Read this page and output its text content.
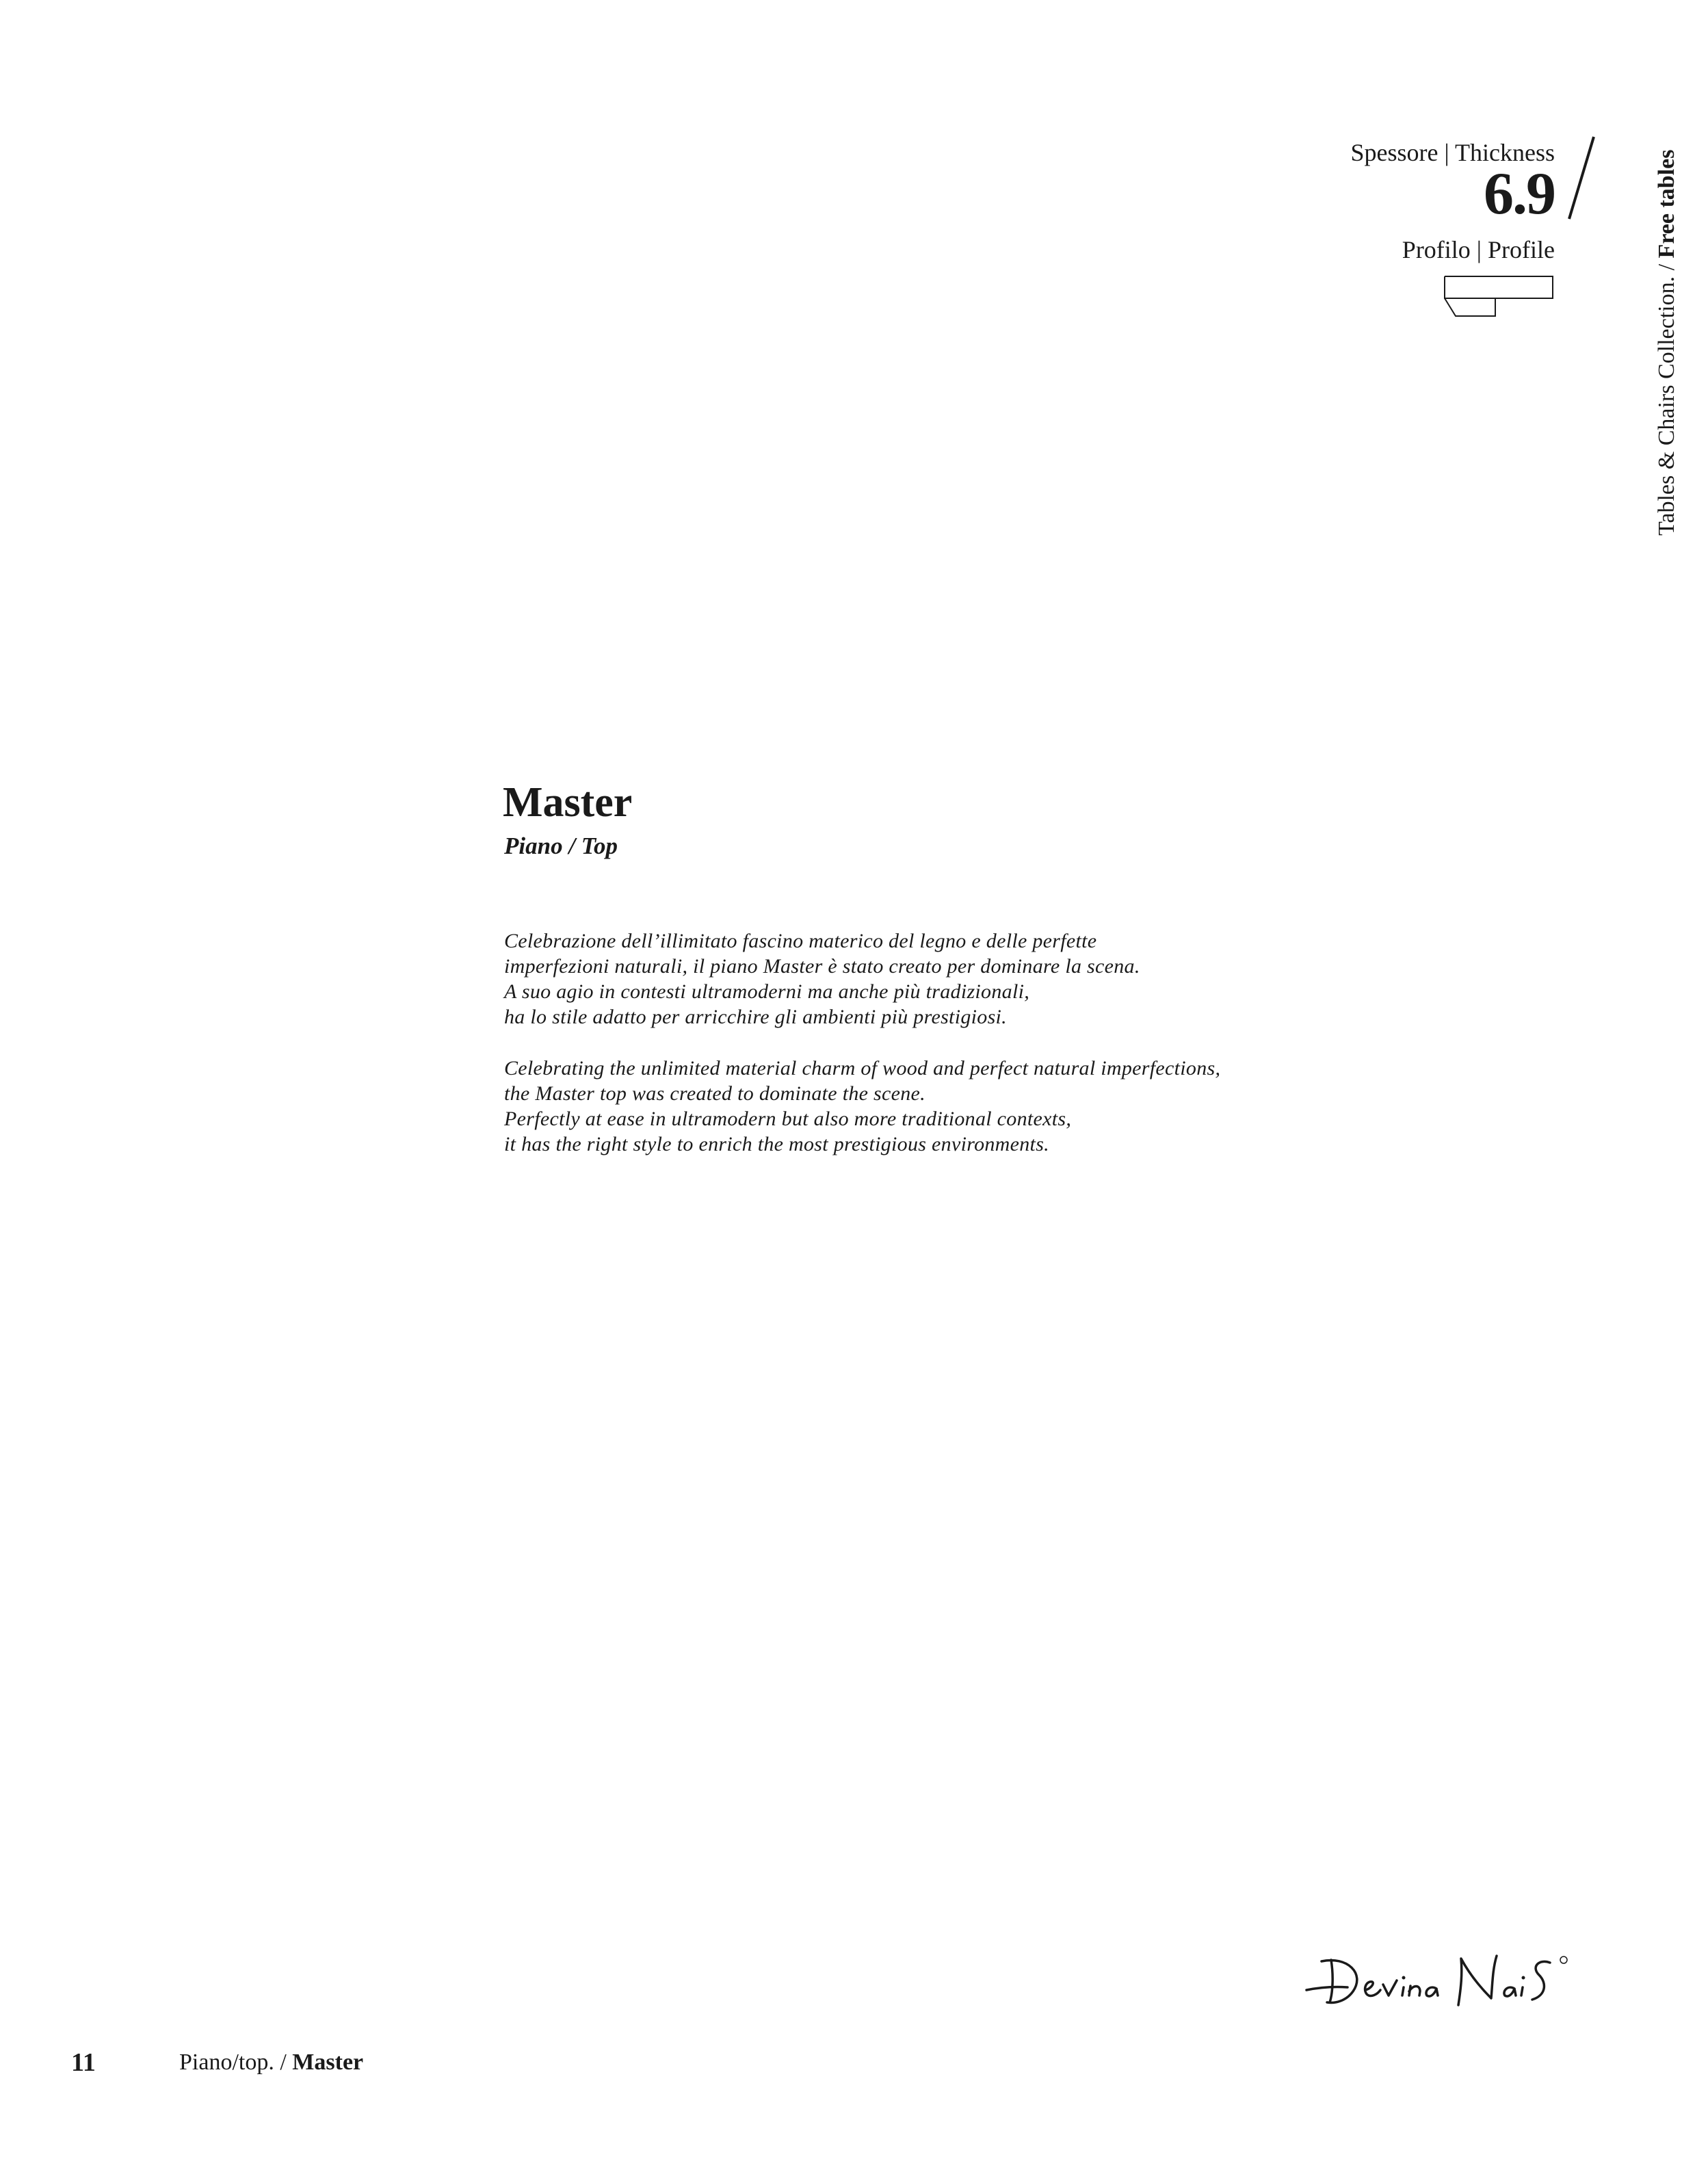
Spessore | Thickness
6.9
Profilo | Profile
Tables & Chairs Collection. / Free tables
Master
Piano / Top
Celebrazione dell’illimitato fascino materico del legno e delle perfette
imperfezioni naturali, il piano Master è stato creato per dominare la scena.
A suo agio in contesti ultramoderni ma anche più tradizionali,
ha lo stile adatto per arricchire gli ambienti più prestigiosi.
Celebrating the unlimited material charm of wood and perfect natural imperfections,
the Master top was created to dominate the scene.
Perfectly at ease in ultramodern but also more traditional contexts,
it has the right style to enrich the most prestigious environments.
11	Piano/top. / Master
